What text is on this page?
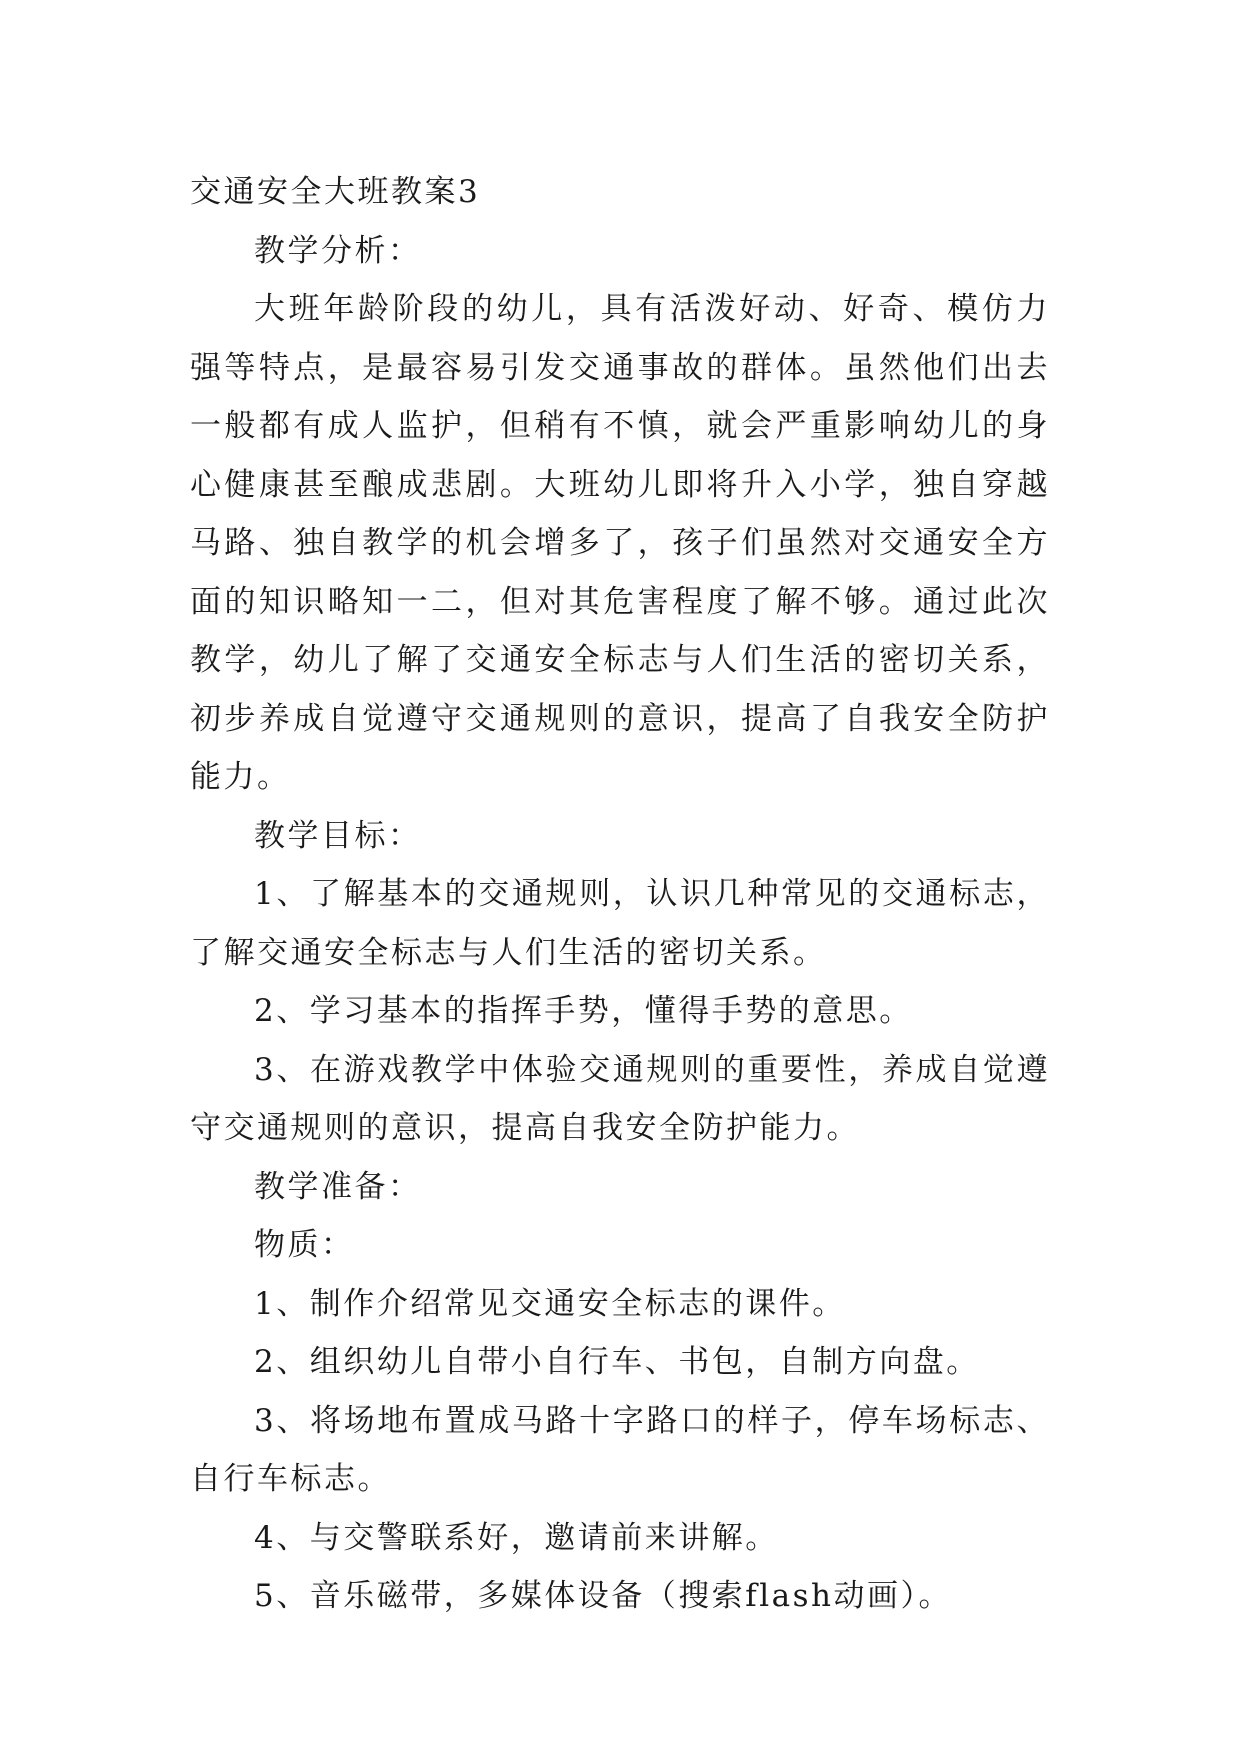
交通安全大班教案3

教学分析：

大班年龄阶段的幼儿，具有活泼好动、好奇、模仿力强等特点，是最容易引发交通事故的群体。虽然他们出去一般都有成人监护，但稍有不慎，就会严重影响幼儿的身心健康甚至酿成悲剧。大班幼儿即将升入小学，独自穿越马路、独自教学的机会增多了，孩子们虽然对交通安全方面的知识略知一二，但对其危害程度了解不够。通过此次教学，幼儿了解了交通安全标志与人们生活的密切关系，初步养成自觉遵守交通规则的意识，提高了自我安全防护能力。

教学目标：

1、了解基本的交通规则，认识几种常见的交通标志，了解交通安全标志与人们生活的密切关系。

2、学习基本的指挥手势，懂得手势的意思。

3、在游戏教学中体验交通规则的重要性，养成自觉遵守交通规则的意识，提高自我安全防护能力。

教学准备：

物质：

1、制作介绍常见交通安全标志的课件。

2、组织幼儿自带小自行车、书包，自制方向盘。

3、将场地布置成马路十字路口的样子，停车场标志、自行车标志。

4、与交警联系好，邀请前来讲解。

5、音乐磁带，多媒体设备（搜索flash动画）。
